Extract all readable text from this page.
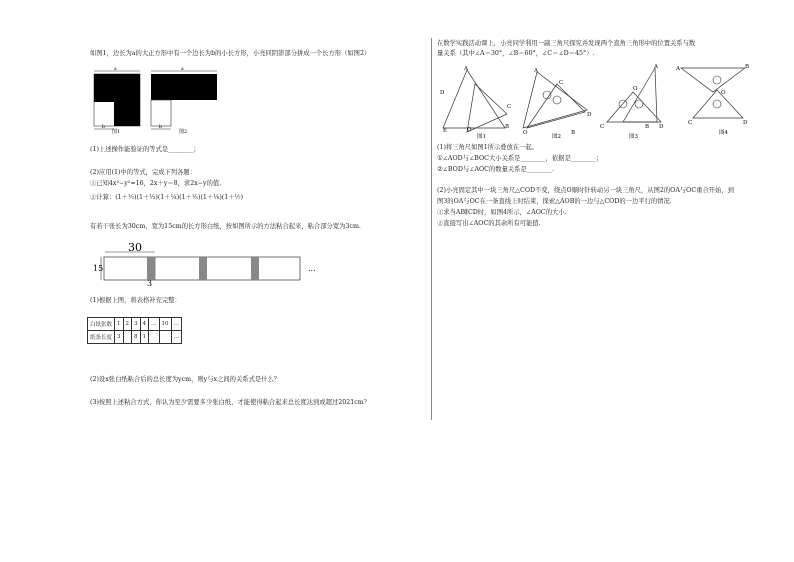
如图1，边长为a的大正方形中有一个边长为b的小长方形，小亮同阴影部分拼成一个长方形（如图2）
a
b
图1
a
b
图2
(1)上述操作能验证的等式是________；
(2)应用(1)中的等式，完成下列各题：
①已知4x²−y²=16，2x＋y＝8，求2x−y的值.
②计算：(1＋½)(1＋⅓)(1＋¼)(1＋⅕)(1＋⅙)(1＋⅐)
有若干张长为30cm，宽为15cm的长方形白纸，按如图所示的方法粘合起来，粘合部分宽为3cm.
30
15
3
...
(1)根据上图，将表格补充完整：
白纸张数	1	2	3	4	…	10	…
纸条长度	3		8	1			…
(2)设x张白纸粘合后的总长度为ycm，则y与x之间的关系式是什么？
(3)按照上述粘合方式，你认为至少需要多少张白纸，才能使得粘合起来总长度达到或超过2021cm？
在数学实践活动课上，小亮同学利用一副三角尺探究并发现两个直角三角形中的位置关系与数
量关系（其中∠A＝30°，∠B＝60°，∠C＝∠D＝45°）.
A
C
D
O	B
E
图1
A
C
O	B
D
图2
A
C
O
B D
图3
A
C
O
B
D
图4
(1)将三角尺如图1所示叠放在一起。
①∠AOD与∠BOC大小关系是________，依据是________；
②∠BOD与∠AOC的数量关系是________.
(2)小亮固定其中一块三角尺△COD不变，绕点O顺时针转动另一块三角尺，从图2的OA与OC重合开始，到
图3的OA与OC在一条直线上时结束，探索△AOB的一边与△COD的一边平行的情况.
①求当AB∥CD时，如图4所示，∠AOC的大小.
②直接写出∠AOC的其余所有可能值.
